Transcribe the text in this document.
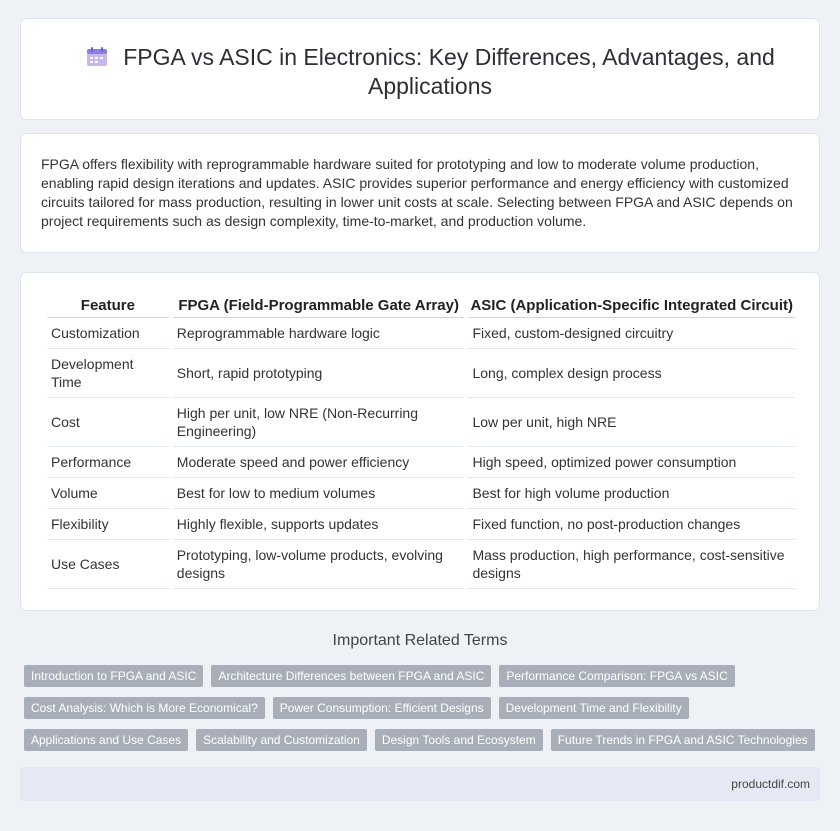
FPGA vs ASIC in Electronics: Key Differences, Advantages, and Applications

FPGA offers flexibility with reprogrammable hardware suited for prototyping and low to moderate volume production, enabling rapid design iterations and updates. ASIC provides superior performance and energy efficiency with customized circuits tailored for mass production, resulting in lower unit costs at scale. Selecting between FPGA and ASIC depends on project requirements such as design complexity, time-to-market, and production volume.

Feature	FPGA (Field-Programmable Gate Array)	ASIC (Application-Specific Integrated Circuit)
Customization	Reprogrammable hardware logic	Fixed, custom-designed circuitry
Development Time	Short, rapid prototyping	Long, complex design process
Cost	High per unit, low NRE (Non-Recurring Engineering)	Low per unit, high NRE
Performance	Moderate speed and power efficiency	High speed, optimized power consumption
Volume	Best for low to medium volumes	Best for high volume production
Flexibility	Highly flexible, supports updates	Fixed function, no post-production changes
Use Cases	Prototyping, low-volume products, evolving designs	Mass production, high performance, cost-sensitive designs
Important Related Terms
Introduction to FPGA and ASIC	Architecture Differences between FPGA and ASIC	Performance Comparison: FPGA vs ASIC
Cost Analysis: Which is More Economical?	Power Consumption: Efficient Designs	Development Time and Flexibility
Applications and Use Cases	Scalability and Customization	Design Tools and Ecosystem	Future Trends in FPGA and ASIC Technologies
productdif.com
